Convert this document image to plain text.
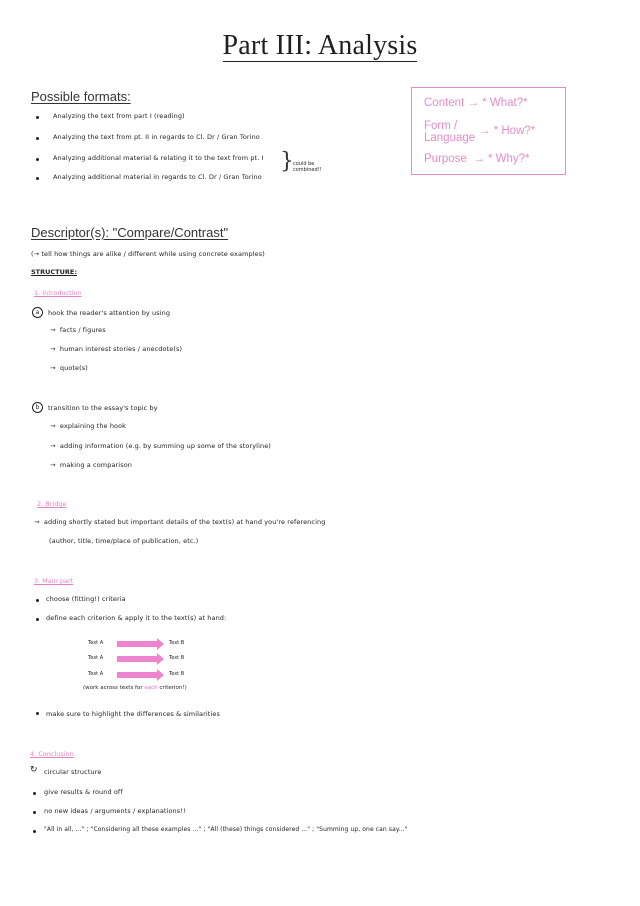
Part III: Analysis
Possible formats:
Analyzing the text from part I (reading)
Analyzing the text from pt. II in regards to Cl. Dr / Gran Torino
Analyzing additional material & relating it to the text from pt. I
Analyzing additional material in regards to Cl. Dr / Gran Torino
} could be combined!!
Content → * What?*
Form / Language
→ * How?*
Purpose → * Why?*
Descriptor(s): "Compare/Contrast"
(→ tell how things are alike / different while using concrete examples)
STRUCTURE:
1. Introduction
a	hook the reader's attention by using
→ facts / figures
→ human interest stories / anecdote(s)
→ quote(s)
b	transition to the essay's topic by
→ explaining the hook
→ adding information (e.g. by summing up some of the storyline)
→ making a comparison
2. Bridge
→ adding shortly stated but important details of the text(s) at hand you're referencing
(author, title, time/place of publication, etc.)
3. Main part
choose (fitting!) criteria
define each criterion & apply it to the text(s) at hand:
Text A	Text B
Text A	Text B
Text A	Text B
(work across texts for each criterion!)
make sure to highlight the differences & similarities
4. Conclusion
↻ circular structure
give results & round off
no new ideas / arguments / explanations!!
"All in all, ..." ; "Considering all these examples ..." ; "All (these) things considered ..." ; "Summing up, one can say..."
